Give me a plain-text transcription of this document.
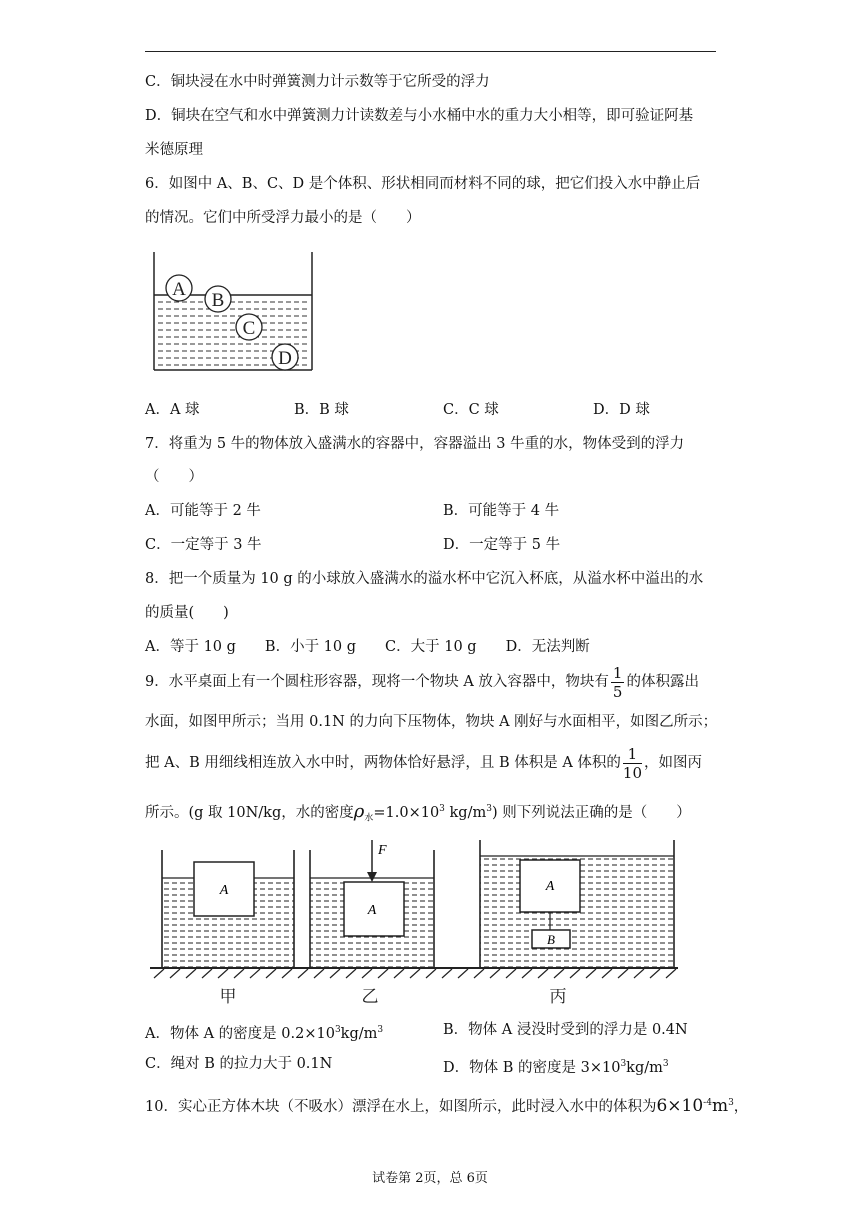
C．铜块浸在水中时弹簧测力计示数等于它所受的浮力
D．铜块在空气和水中弹簧测力计读数差与小水桶中水的重力大小相等，即可验证阿基
米德原理
6．如图中 A、B、C、D 是个体积、形状相同而材料不同的球，把它们投入水中静止后
的情况。它们中所受浮力最小的是（　　）
A
B
C
D
A．A 球	B．B 球	C．C 球	D．D 球
7．将重为 5 牛的物体放入盛满水的容器中，容器溢出 3 牛重的水，物体受到的浮力
（　　）
A．可能等于 2 牛	B．可能等于 4 牛
C．一定等于 3 牛	D．一定等于 5 牛
8．把一个质量为 10 g 的小球放入盛满水的溢水杯中它沉入杯底，从溢水杯中溢出的水
的质量(　　)
A．等于 10 g　　B．小于 10 g　　C．大于 10 g　　D．无法判断
9．水平桌面上有一个圆柱形容器，现将一个物块 A 放入容器中，物块有 $\frac{1}{5}$ 的体积露出
水面，如图甲所示；当用 0.1N 的力向下压物体，物块 A 刚好与水面相平，如图乙所示；
把 A、B 用细线相连放入水中时，两物体恰好悬浮，且 B 体积是 A 体积的 $\frac{1}{10}$ ，如图丙
所示。(g 取 10N/kg，水的密度$\rho_水=1.0\times 10^3$ $kg/m^3$) 则下列说法正确的是（　　）
A
A
F
A
B
甲	乙	丙
A．物体 A 的密度是 $0.2\times 10^3kg/m^3$	B．物体 A 浸没时受到的浮力是 0.4N
C．绳对 B 的拉力大于 0.1N	D．物体 B 的密度是 $3\times 10^3kg/m^3$
10．实心正方体木块（不吸水）漂浮在水上，如图所示，此时浸入水中的体积为$6\times 10^{-4}m^3$，
试卷第 2页，总 6页
